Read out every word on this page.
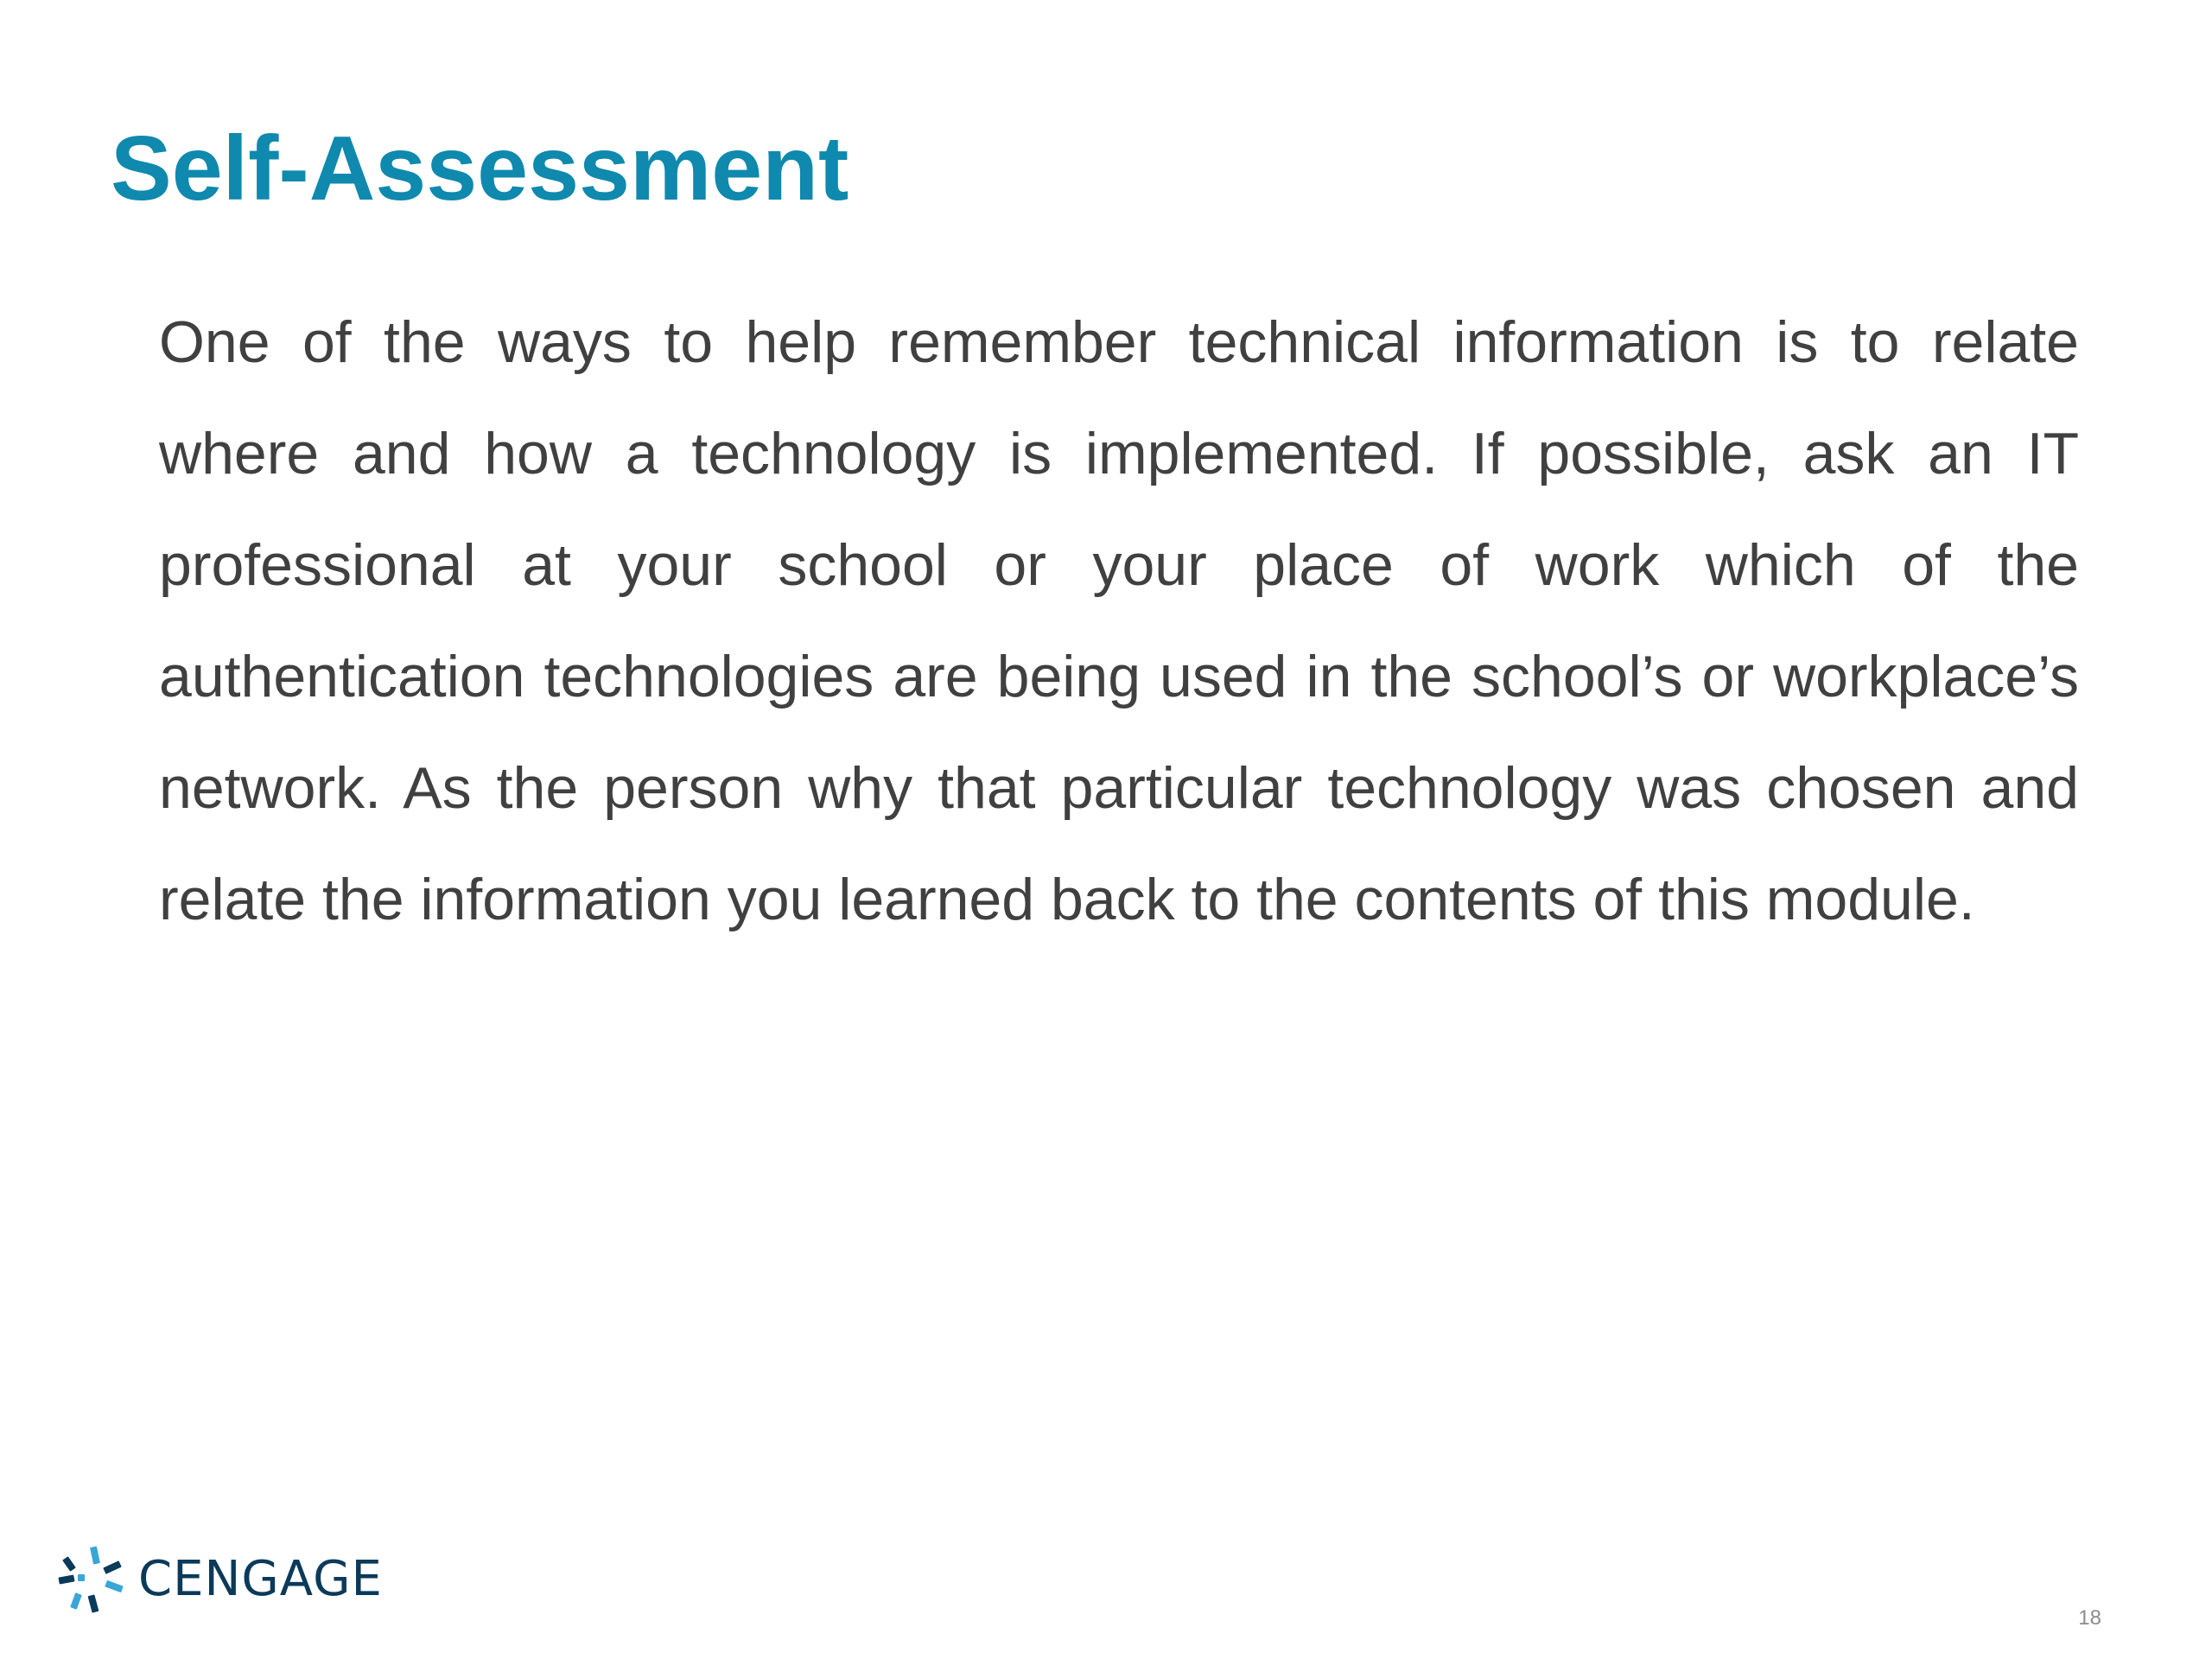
Self-Assessment

One of the ways to help remember technical information is to relate where and how a technology is implemented. If possible, ask an IT professional at your school or your place of work which of the authentication technologies are being used in the school’s or workplace’s network. As the person why that particular technology was chosen and relate the information you learned back to the contents of this module.

CENGAGE
18
